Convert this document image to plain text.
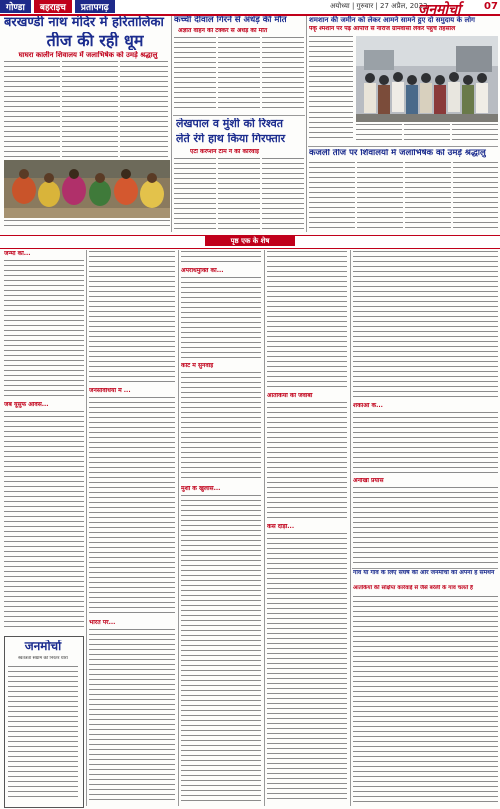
गोण्डा	बहराइच	प्रतापगढ़	अयोध्या | गुरुवार | 27 अप्रैल, 2023
जनमोर्चा 07
बरखण्डी नाथ मंदिर में हरितालिका
तीज की रही धूम
घाघरा कालीन शिवालय में जलाभिषेक को उमड़े श्रद्धालु
कच्ची दीवाल गिरने से अधेड़ की मौत
अज्ञात वाहन की टक्कर से अधेड़ की मौत
लेखपाल व मुंशी को रिश्वत
लेते रंगे हाथ किया गिरफ्तार
एंटी करप्शन टीम ने की कार्रवाई
शमशान की जमीन को लेकर आमने सामने हुए दो समुदाय के लोग
पैकृ श्मशान पर पढ़ आपत्ति से नाराज ग्रामवासी लेकर पहुंचे तहसील
कजली तीज पर शिवालयों में जलाभिषेक को उमड़े श्रद्धालु
पृष्ठ एक के शेष
जन्मों को...
जब यूसुफ ओवैस...
जनमोर्चा
स्वतंत्रता संग्राम की निरंतर धारा
जनसंविधियों में ...
भारत पर...
अपराधमुक्ति का...
कोर्ट में सुनवाई
मुंशी के खुलासे...
आतंकियों की जवाबी
कैसे दोड़ी...
शंकाओं के...
अनोखा प्रयास
गाँव या गाँव के लिए संघर्ष की ओर जनमोर्चा को अपना है समर्थन
आतंकियों की संक्षिप्त कार्रवाई से जैसे बरेली के गांव चलते हैं
